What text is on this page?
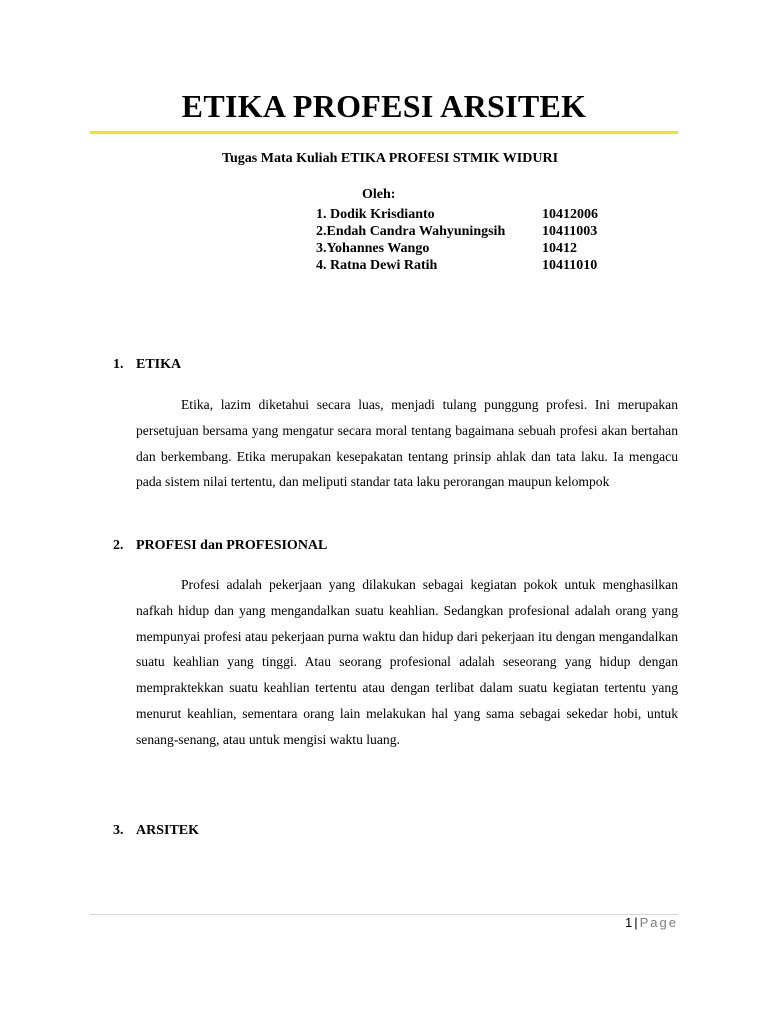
ETIKA PROFESI ARSITEK
Tugas Mata Kuliah ETIKA PROFESI STMIK WIDURI
Oleh:
1. Dodik Krisdianto	10412006
2.Endah Candra Wahyuningsih	10411003
3.Yohannes Wango	10412
4. Ratna Dewi Ratih	10411010
1. ETIKA

Etika, lazim diketahui secara luas, menjadi tulang punggung profesi. Ini merupakan persetujuan bersama yang mengatur secara moral tentang bagaimana sebuah profesi akan bertahan dan berkembang. Etika merupakan kesepakatan tentang prinsip ahlak dan tata laku. Ia mengacu pada sistem nilai tertentu, dan meliputi standar tata laku perorangan maupun kelompok

2. PROFESI dan PROFESIONAL

Profesi adalah pekerjaan yang dilakukan sebagai kegiatan pokok untuk menghasilkan nafkah hidup dan yang mengandalkan suatu keahlian. Sedangkan profesional adalah orang yang mempunyai profesi atau pekerjaan purna waktu dan hidup dari pekerjaan itu dengan mengandalkan suatu keahlian yang tinggi. Atau seorang profesional adalah seseorang yang hidup dengan mempraktekkan suatu keahlian tertentu atau dengan terlibat dalam suatu kegiatan tertentu yang menurut keahlian, sementara orang lain melakukan hal yang sama sebagai sekedar hobi, untuk senang-senang, atau untuk mengisi waktu luang.

3. ARSITEK
1 | Page
